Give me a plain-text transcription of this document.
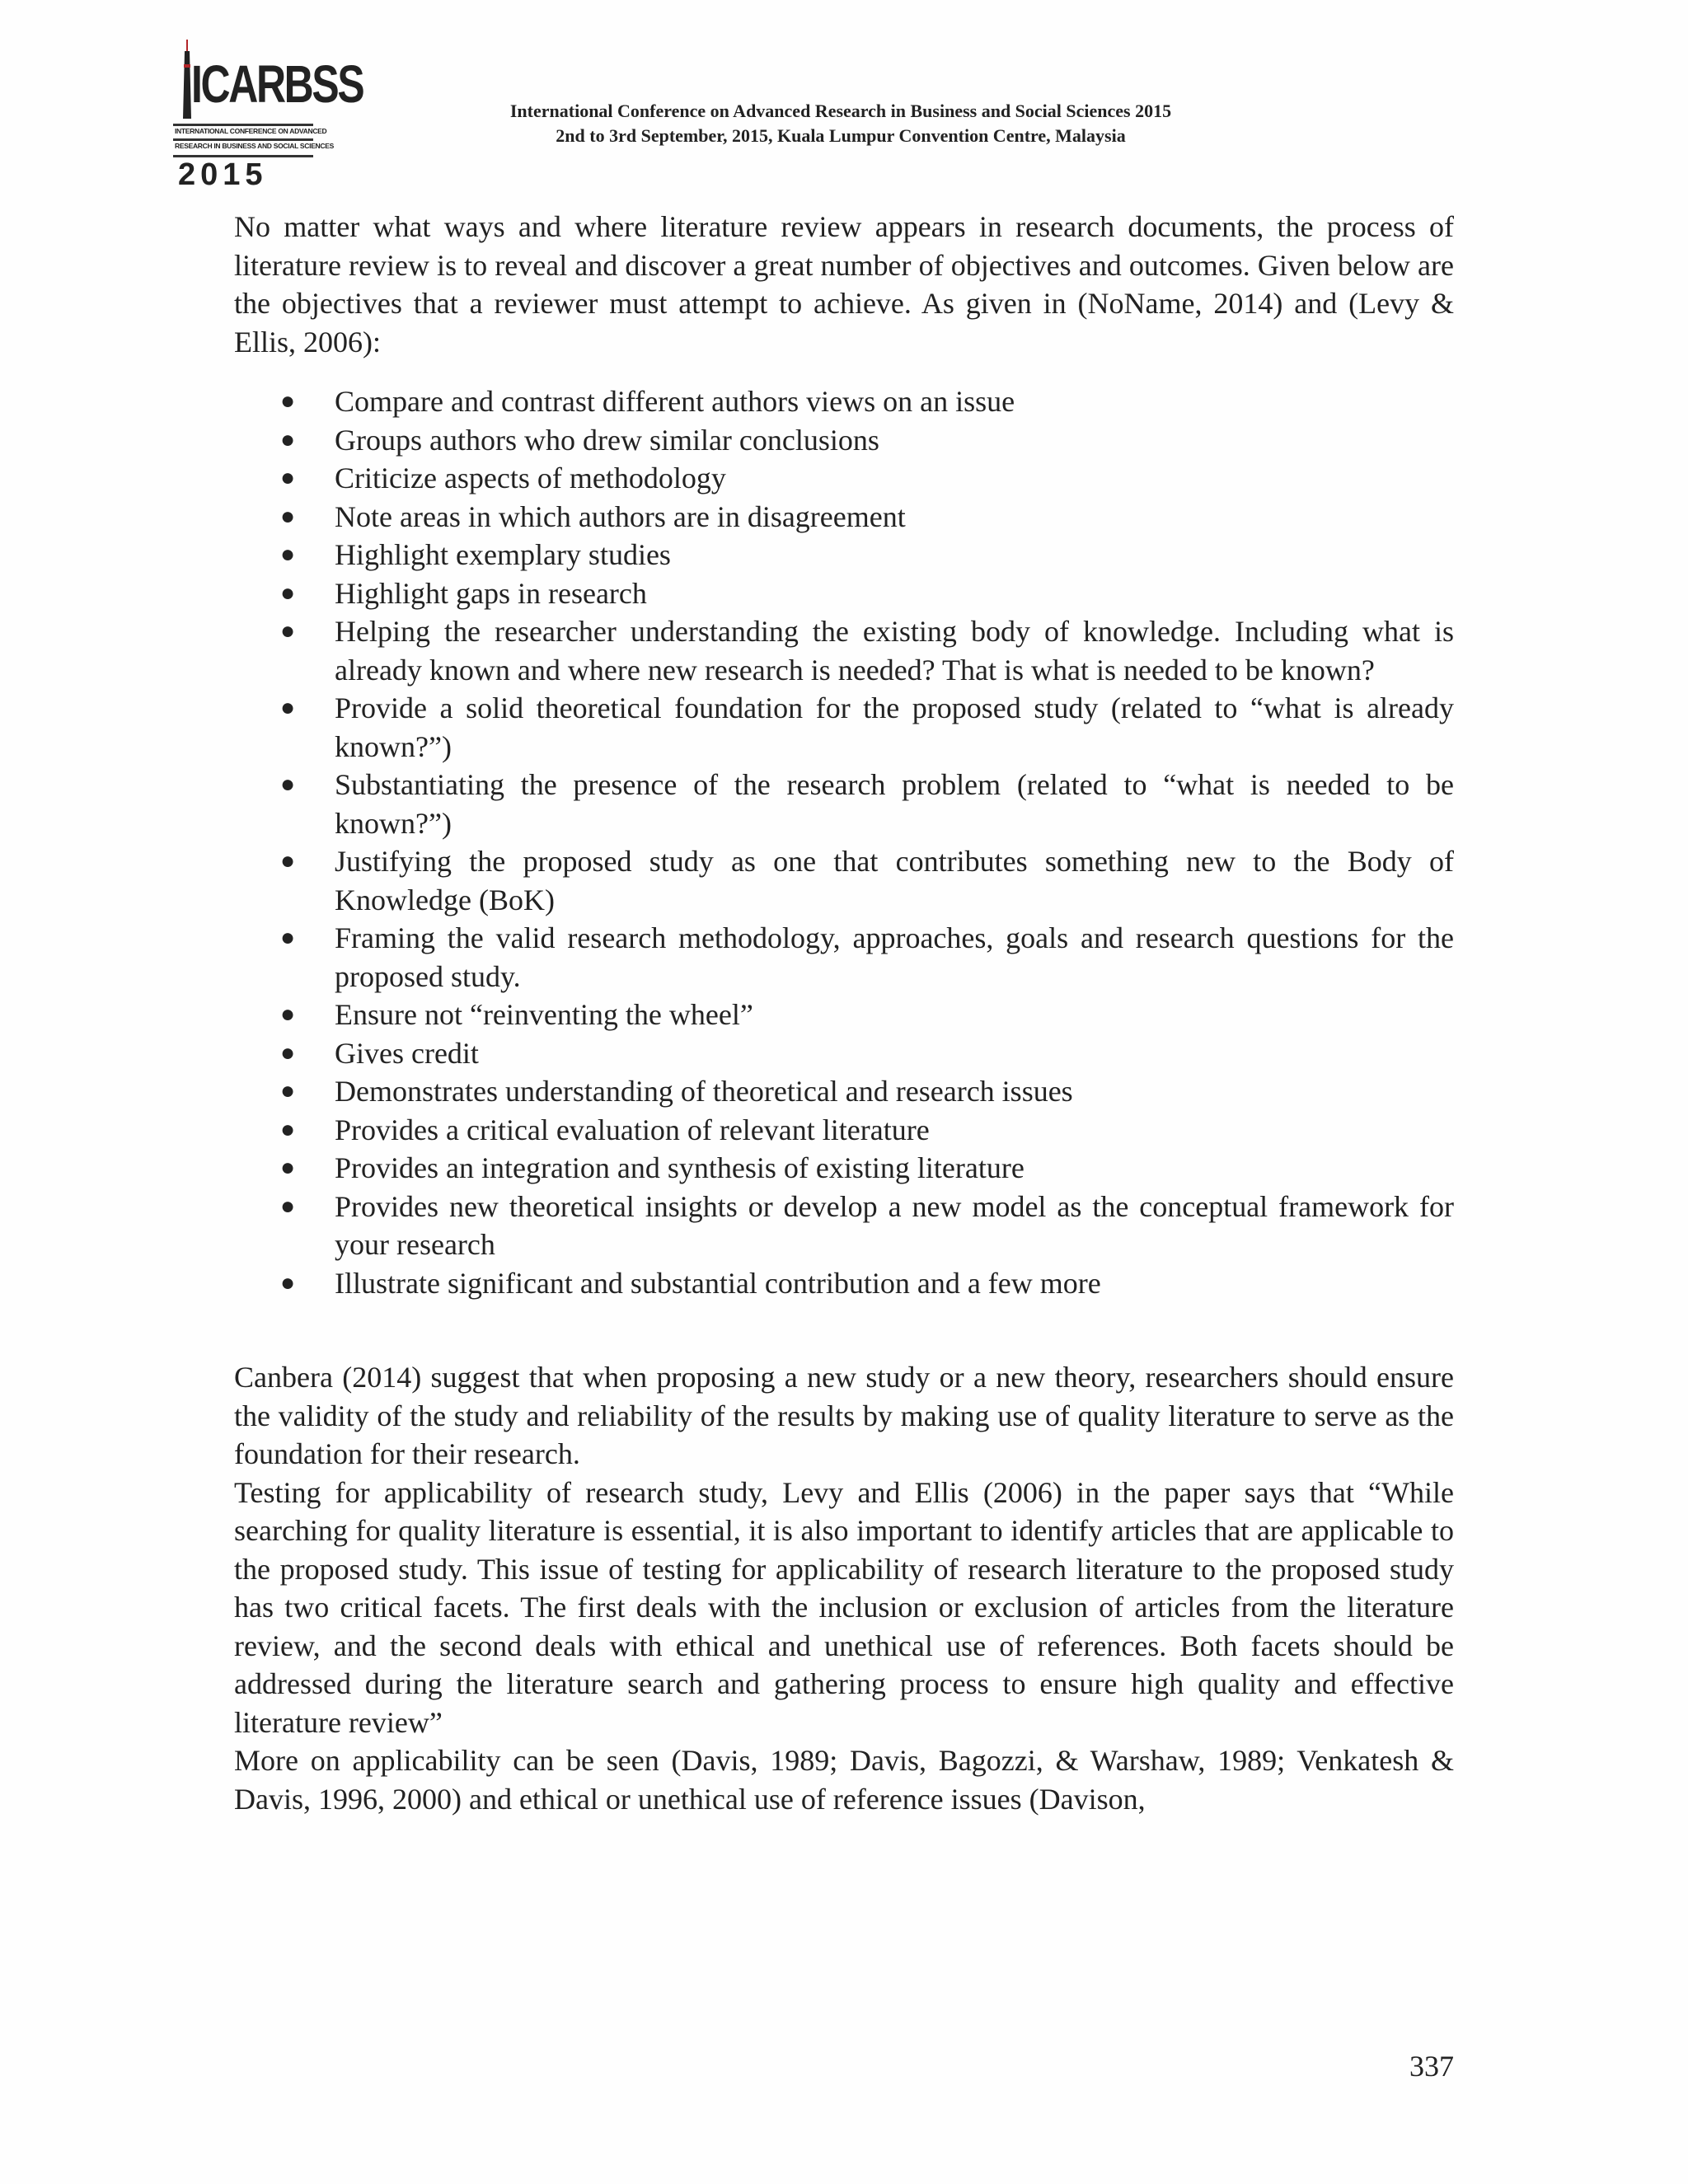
ICARBSS
INTERNATIONAL CONFERENCE ON ADVANCED
RESEARCH IN BUSINESS AND SOCIAL SCIENCES
2015
International Conference on Advanced Research in Business and Social Sciences 2015
2nd to 3rd September, 2015, Kuala Lumpur Convention Centre, Malaysia

No matter what ways and where literature review appears in research documents, the process of literature review is to reveal and discover a great number of objectives and outcomes. Given below are the objectives that a reviewer must attempt to achieve. As given in (NoName, 2014) and (Levy & Ellis, 2006):

● Compare and contrast different authors views on an issue
● Groups authors who drew similar conclusions
● Criticize aspects of methodology
● Note areas in which authors are in disagreement
● Highlight exemplary studies
● Highlight gaps in research
● Helping the researcher understanding the existing body of knowledge. Including what is already known and where new research is needed? That is what is needed to be known?
● Provide a solid theoretical foundation for the proposed study (related to “what is already known?”)
● Substantiating the presence of the research problem (related to “what is needed to be known?”)
● Justifying the proposed study as one that contributes something new to the Body of Knowledge (BoK)
● Framing the valid research methodology, approaches, goals and research questions for the proposed study.
● Ensure not “reinventing the wheel”
● Gives credit
● Demonstrates understanding of theoretical and research issues
● Provides a critical evaluation of relevant literature
● Provides an integration and synthesis of existing literature
● Provides new theoretical insights or develop a new model as the conceptual framework for your research
● Illustrate significant and substantial contribution and a few more

Canbera (2014) suggest that when proposing a new study or a new theory, researchers should ensure the validity of the study and reliability of the results by making use of quality literature to serve as the foundation for their research.

Testing for applicability of research study, Levy and Ellis (2006) in the paper says that “While searching for quality literature is essential, it is also important to identify articles that are applicable to the proposed study. This issue of testing for applicability of research literature to the proposed study has two critical facets. The first deals with the inclusion or exclusion of articles from the literature review, and the second deals with ethical and unethical use of references. Both facets should be addressed during the literature search and gathering process to ensure high quality and effective literature review”

More on applicability can be seen (Davis, 1989; Davis, Bagozzi, & Warshaw, 1989; Venkatesh & Davis, 1996, 2000) and ethical or unethical use of reference issues (Davison,

337
